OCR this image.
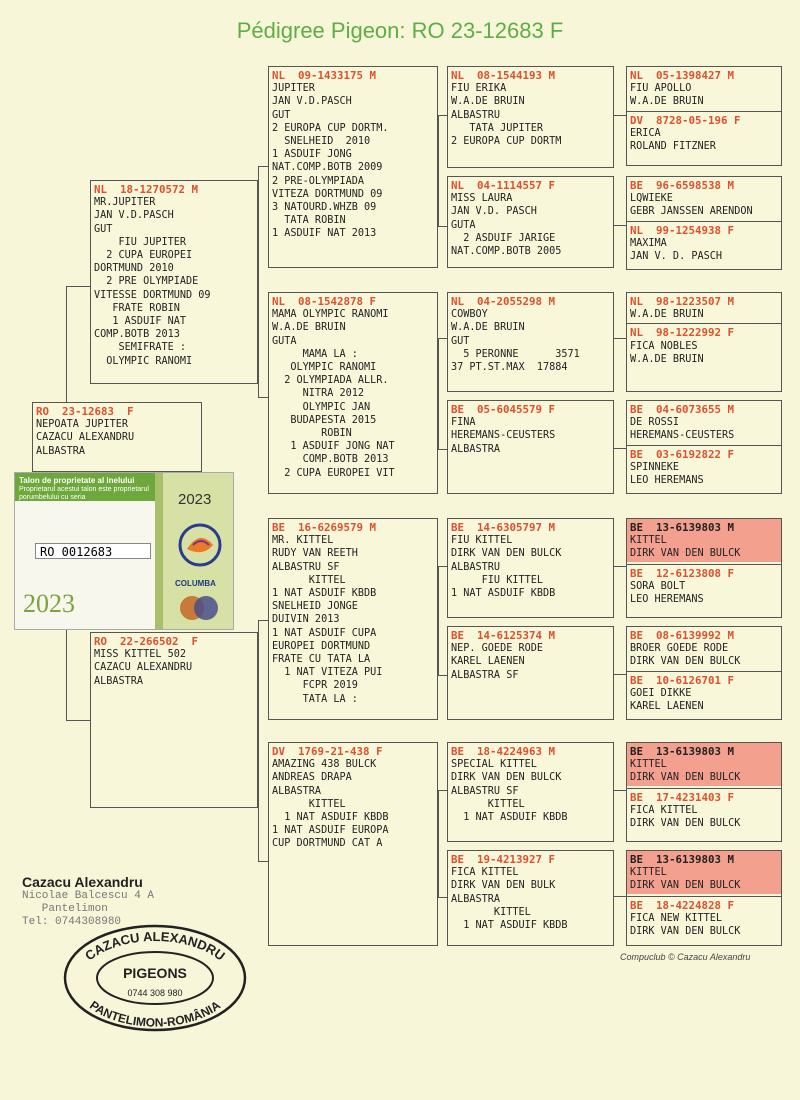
Pédigree Pigeon: RO 23-12683 F
RO  23-12683  F
NEPOATA JUPITER
CAZACU ALEXANDRU
ALBASTRA
NL  18-1270572 M
MR.JUPITER
JAN V.D.PASCH
GUT
FIU JUPITER
2 CUPA EUROPEI
DORTMUND 2010
2 PRE OLYMPIADE
VITESSE DORTMUND 09
FRATE ROBIN
1 ASDUIF NAT
COMP.BOTB 2013
SEMIFRATE :
OLYMPIC RANOMI
RO  22-266502  F
MISS KITTEL 502
CAZACU ALEXANDRU
ALBASTRA
NL  09-1433175 M
JUPITER
JAN V.D.PASCH
GUT
2 EUROPA CUP DORTM.
SNELHEID  2010
1 ASDUIF JONG
NAT.COMP.BOTB 2009
2 PRE-OLYMPIADA
VITEZA DORTMUND 09
3 NATOURD.WHZB 09
TATA ROBIN
1 ASDUIF NAT 2013
NL  08-1542878 F
MAMA OLYMPIC RANOMI
W.A.DE BRUIN
GUTA
MAMA LA :
OLYMPIC RANOMI
2 OLYMPIADA ALLR.
NITRA 2012
OLYMPIC JAN
BUDAPESTA 2015
ROBIN
1 ASDUIF JONG NAT
COMP.BOTB 2013
2 CUPA EUROPEI VIT
BE  16-6269579 M
MR. KITTEL
RUDY VAN REETH
ALBASTRU SF
KITTEL
1 NAT ASDUIF KBDB
SNELHEID JONGE
DUIVIN 2013
1 NAT ASDUIF CUPA
EUROPEI DORTMUND
FRATE CU TATA LA
1 NAT VITEZA PUI
FCPR 2019
TATA LA :
DV  1769-21-438 F
AMAZING 438 BULCK
ANDREAS DRAPA
ALBASTRA
KITTEL
1 NAT ASDUIF KBDB
1 NAT ASDUIF EUROPA
CUP DORTMUND CAT A
NL  08-1544193 M
FIU ERIKA
W.A.DE BRUIN
ALBASTRU
TATA JUPITER
2 EUROPA CUP DORTM
NL  04-1114557 F
MISS LAURA
JAN V.D. PASCH
GUTA
2 ASDUIF JARIGE
NAT.COMP.BOTB 2005
NL  04-2055298 M
COWBOY
W.A.DE BRUIN
GUT
5 PERONNE      3571
37 PT.ST.MAX  17884
BE  05-6045579 F
FINA
HEREMANS-CEUSTERS
ALBASTRA
BE  14-6305797 M
FIU KITTEL
DIRK VAN DEN BULCK
ALBASTRU
FIU KITTEL
1 NAT ASDUIF KBDB
BE  14-6125374 M
NEP. GOEDE RODE
KAREL LAENEN
ALBASTRA SF
BE  18-4224963 M
SPECIAL KITTEL
DIRK VAN DEN BULCK
ALBASTRU SF
KITTEL
1 NAT ASDUIF KBDB
BE  19-4213927 F
FICA KITTEL
DIRK VAN DEN BULK
ALBASTRA
KITTEL
1 NAT ASDUIF KBDB
NL  05-1398427 M
FIU APOLLO
W.A.DE BRUIN
DV  8728-05-196 F
ERICA
ROLAND FITZNER
BE  96-6598538 M
LQWIEKE
GEBR JANSSEN ARENDON
NL  99-1254938 F
MAXIMA
JAN V. D. PASCH
NL  98-1223507 M
W.A.DE BRUIN
NL  98-1222992 F
FICA NOBLES
W.A.DE BRUIN
BE  04-6073655 M
DE ROSSI
HEREMANS-CEUSTERS
BE  03-6192822 F
SPINNEKE
LEO HEREMANS
BE  13-6139803 M
KITTEL
DIRK VAN DEN BULCK
BE  12-6123808 F
SORA BOLT
LEO HEREMANS
BE  08-6139992 M
BROER GOEDE RODE
DIRK VAN DEN BULCK
BE  10-6126701 F
GOEI DIKKE
KAREL LAENEN
BE  13-6139803 M
KITTEL
DIRK VAN DEN BULCK
BE  17-4231403 F
FICA KITTEL
DIRK VAN DEN BULCK
BE  13-6139803 M
KITTEL
DIRK VAN DEN BULCK
BE  18-4224828 F
FICA NEW KITTEL
DIRK VAN DEN BULCK
Talon de proprietate al inelului
Proprietarul acestui talon este proprietarul porumbelului cu seria
RO 0012683
2023
2023
COLUMBA
Cazacu Alexandru
Nicolae Balcescu 4 A
Pantelimon
Tel: 0744308980
CAZACU ALEXANDRU
PIGEONS
0744 308 980
PANTELIMON-ROMÂNIA
Compuclub © Cazacu Alexandru
